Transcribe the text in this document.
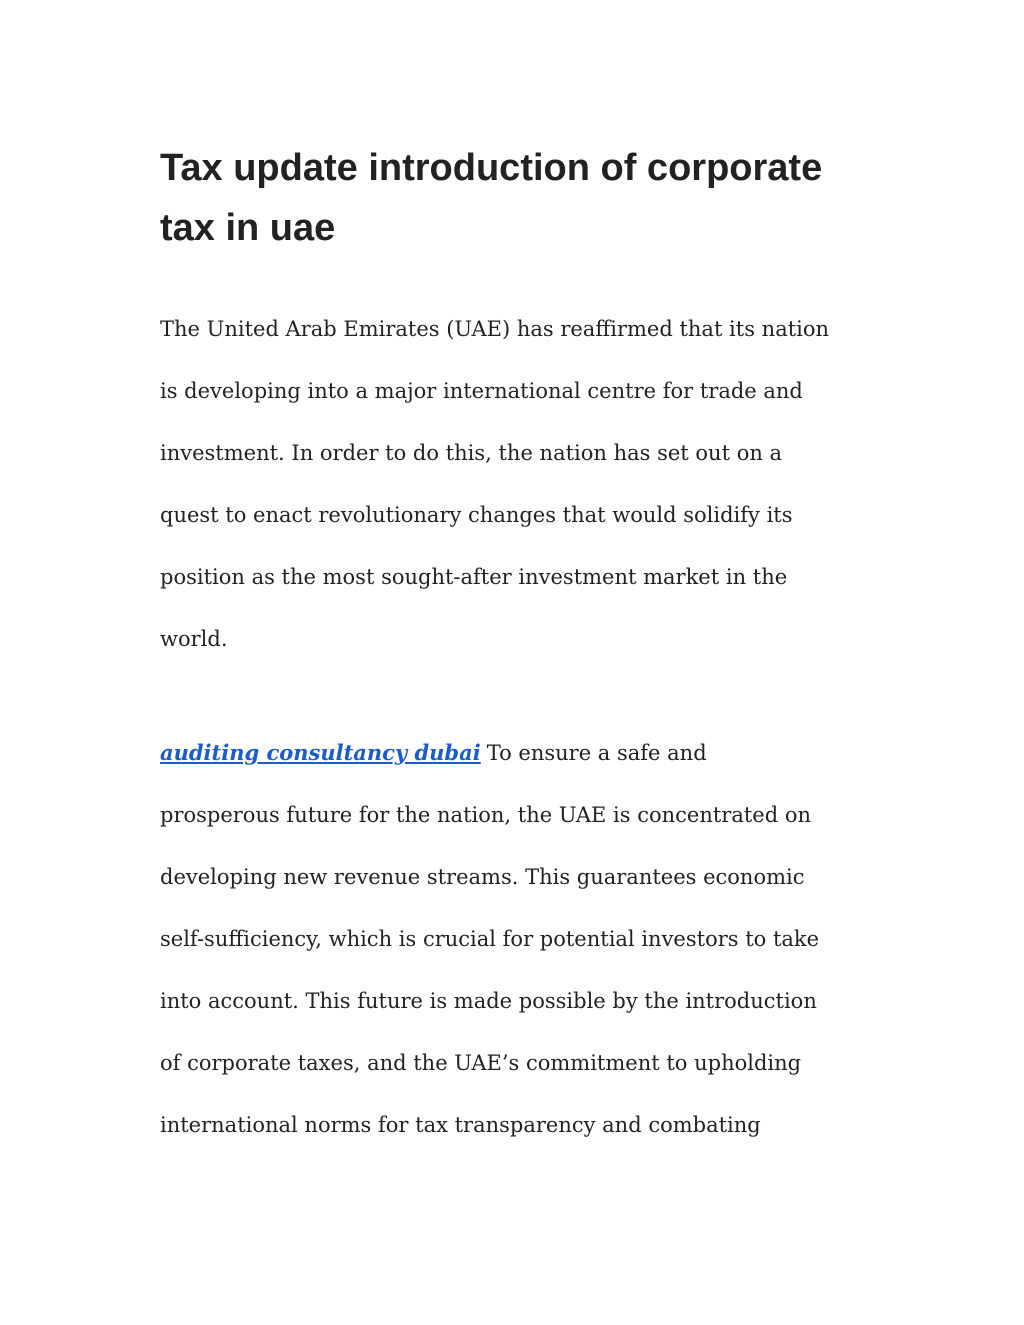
Tax update introduction of corporate
tax in uae
The United Arab Emirates (UAE) has reaffirmed that its nation
is developing into a major international centre for trade and
investment. In order to do this, the nation has set out on a
quest to enact revolutionary changes that would solidify its
position as the most sought-after investment market in the
world.
auditing consultancy dubai To ensure a safe and
prosperous future for the nation, the UAE is concentrated on
developing new revenue streams. This guarantees economic
self-sufficiency, which is crucial for potential investors to take
into account. This future is made possible by the introduction
of corporate taxes, and the UAE’s commitment to upholding
international norms for tax transparency and combating
